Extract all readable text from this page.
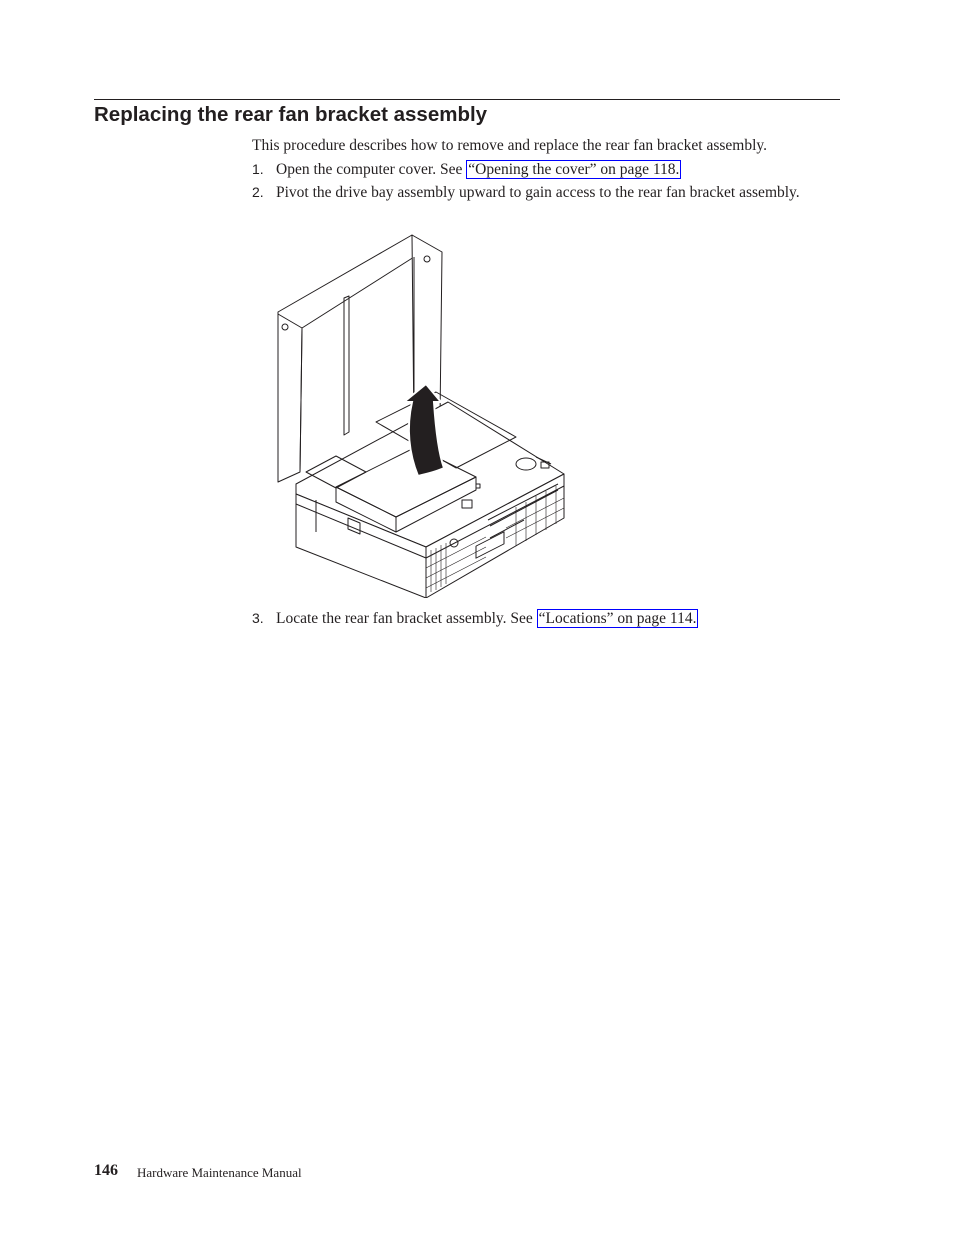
Replacing the rear fan bracket assembly

This procedure describes how to remove and replace the rear fan bracket assembly.

1. Open the computer cover. See “Opening the cover” on page 118.
2. Pivot the drive bay assembly upward to gain access to the rear fan bracket assembly.
3. Locate the rear fan bracket assembly. See “Locations” on page 114.
146 Hardware Maintenance Manual
